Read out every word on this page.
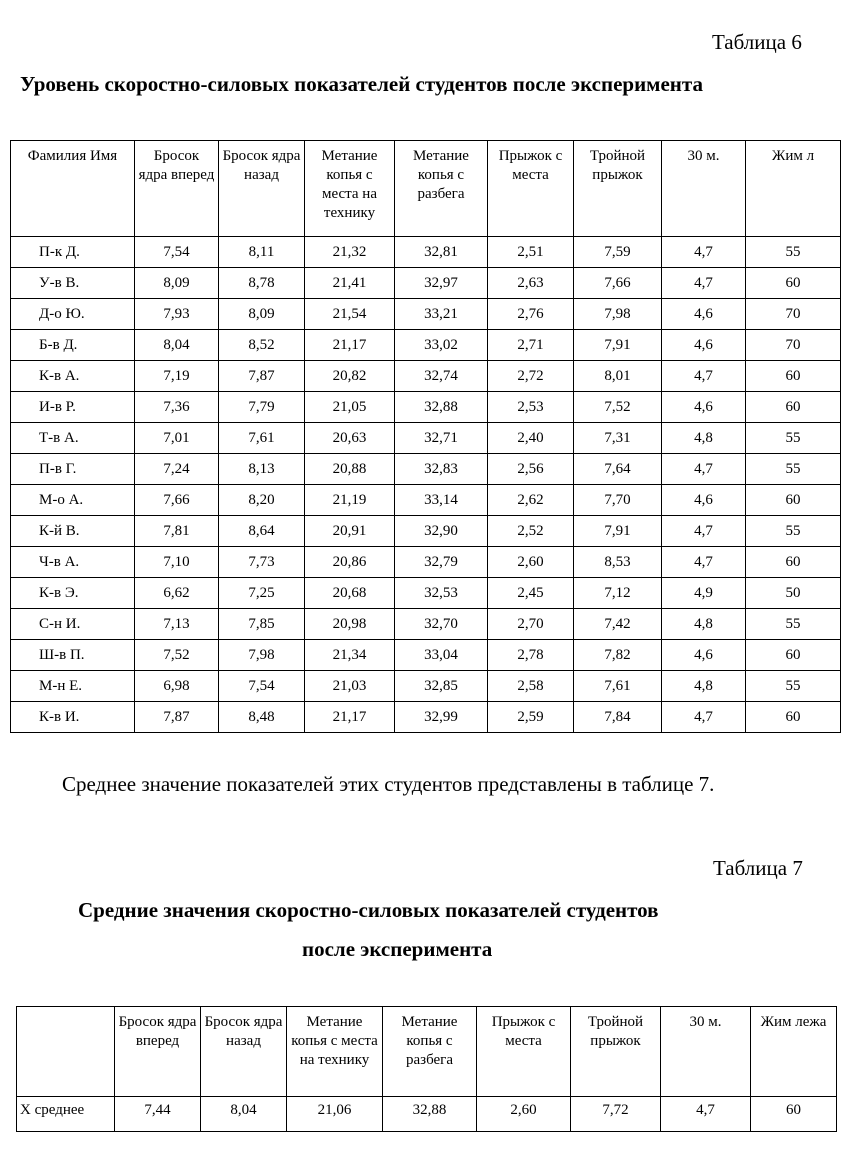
Таблица 6
Уровень скоростно-силовых показателей студентов после эксперимента
Фамилия Имя	Бросок ядра вперед	Бросок ядра назад	Метание копья с места на технику	Метание копья с разбега	Прыжок с места	Тройной прыжок	30 м.	Жим л
П-к Д.	7,54	8,11	21,32	32,81	2,51	7,59	4,7	55
У-в В.	8,09	8,78	21,41	32,97	2,63	7,66	4,7	60
Д-о Ю.	7,93	8,09	21,54	33,21	2,76	7,98	4,6	70
Б-в Д.	8,04	8,52	21,17	33,02	2,71	7,91	4,6	70
К-в А.	7,19	7,87	20,82	32,74	2,72	8,01	4,7	60
И-в Р.	7,36	7,79	21,05	32,88	2,53	7,52	4,6	60
Т-в А.	7,01	7,61	20,63	32,71	2,40	7,31	4,8	55
П-в Г.	7,24	8,13	20,88	32,83	2,56	7,64	4,7	55
М-о А.	7,66	8,20	21,19	33,14	2,62	7,70	4,6	60
К-й В.	7,81	8,64	20,91	32,90	2,52	7,91	4,7	55
Ч-в А.	7,10	7,73	20,86	32,79	2,60	8,53	4,7	60
К-в Э.	6,62	7,25	20,68	32,53	2,45	7,12	4,9	50
С-н И.	7,13	7,85	20,98	32,70	2,70	7,42	4,8	55
Ш-в П.	7,52	7,98	21,34	33,04	2,78	7,82	4,6	60
М-н Е.	6,98	7,54	21,03	32,85	2,58	7,61	4,8	55
К-в И.	7,87	8,48	21,17	32,99	2,59	7,84	4,7	60
Среднее значение показателей этих студентов представлены в таблице 7.
Таблица 7
Средние значения скоростно-силовых показателей студентов
после эксперимента
	Бросок ядра вперед	Бросок ядра назад	Метание копья с места на технику	Метание копья с разбега	Прыжок с места	Тройной прыжок	30 м.	Жим лежа
X среднее	7,44	8,04	21,06	32,88	2,60	7,72	4,7	60
